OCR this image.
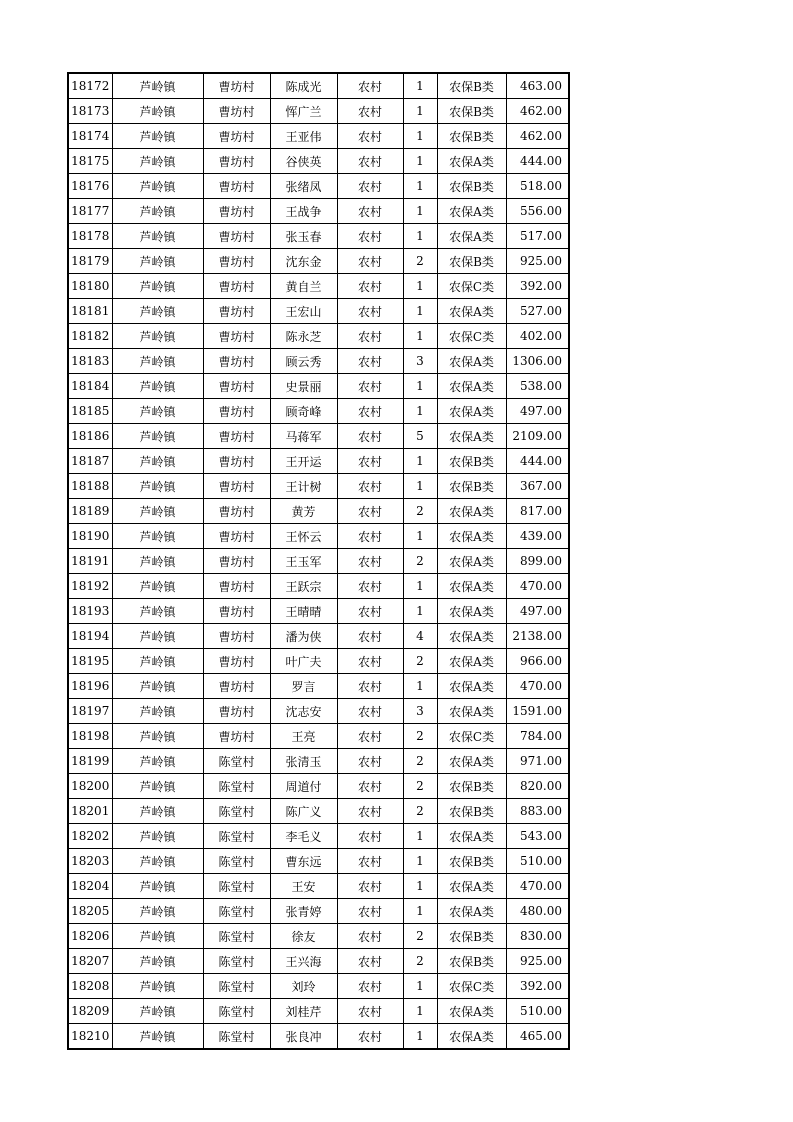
18172	芦岭镇	曹坊村	陈成光	农村	1	农保B类	463.00
18173	芦岭镇	曹坊村	恽广兰	农村	1	农保B类	462.00
18174	芦岭镇	曹坊村	王亚伟	农村	1	农保B类	462.00
18175	芦岭镇	曹坊村	谷侠英	农村	1	农保A类	444.00
18176	芦岭镇	曹坊村	张绪凤	农村	1	农保B类	518.00
18177	芦岭镇	曹坊村	王战争	农村	1	农保A类	556.00
18178	芦岭镇	曹坊村	张玉春	农村	1	农保A类	517.00
18179	芦岭镇	曹坊村	沈东金	农村	2	农保B类	925.00
18180	芦岭镇	曹坊村	黄自兰	农村	1	农保C类	392.00
18181	芦岭镇	曹坊村	王宏山	农村	1	农保A类	527.00
18182	芦岭镇	曹坊村	陈永芝	农村	1	农保C类	402.00
18183	芦岭镇	曹坊村	顾云秀	农村	3	农保A类	1306.00
18184	芦岭镇	曹坊村	史景丽	农村	1	农保A类	538.00
18185	芦岭镇	曹坊村	顾奇峰	农村	1	农保A类	497.00
18186	芦岭镇	曹坊村	马蒋军	农村	5	农保A类	2109.00
18187	芦岭镇	曹坊村	王开运	农村	1	农保B类	444.00
18188	芦岭镇	曹坊村	王计树	农村	1	农保B类	367.00
18189	芦岭镇	曹坊村	黄芳	农村	2	农保A类	817.00
18190	芦岭镇	曹坊村	王怀云	农村	1	农保A类	439.00
18191	芦岭镇	曹坊村	王玉军	农村	2	农保A类	899.00
18192	芦岭镇	曹坊村	王跃宗	农村	1	农保A类	470.00
18193	芦岭镇	曹坊村	王晴晴	农村	1	农保A类	497.00
18194	芦岭镇	曹坊村	潘为侠	农村	4	农保A类	2138.00
18195	芦岭镇	曹坊村	叶广夫	农村	2	农保A类	966.00
18196	芦岭镇	曹坊村	罗言	农村	1	农保A类	470.00
18197	芦岭镇	曹坊村	沈志安	农村	3	农保A类	1591.00
18198	芦岭镇	曹坊村	王亮	农村	2	农保C类	784.00
18199	芦岭镇	陈堂村	张清玉	农村	2	农保A类	971.00
18200	芦岭镇	陈堂村	周道付	农村	2	农保B类	820.00
18201	芦岭镇	陈堂村	陈广义	农村	2	农保B类	883.00
18202	芦岭镇	陈堂村	李毛义	农村	1	农保A类	543.00
18203	芦岭镇	陈堂村	曹东远	农村	1	农保B类	510.00
18204	芦岭镇	陈堂村	王安	农村	1	农保A类	470.00
18205	芦岭镇	陈堂村	张青婷	农村	1	农保A类	480.00
18206	芦岭镇	陈堂村	徐友	农村	2	农保B类	830.00
18207	芦岭镇	陈堂村	王兴海	农村	2	农保B类	925.00
18208	芦岭镇	陈堂村	刘玲	农村	1	农保C类	392.00
18209	芦岭镇	陈堂村	刘桂芹	农村	1	农保A类	510.00
18210	芦岭镇	陈堂村	张良冲	农村	1	农保A类	465.00
